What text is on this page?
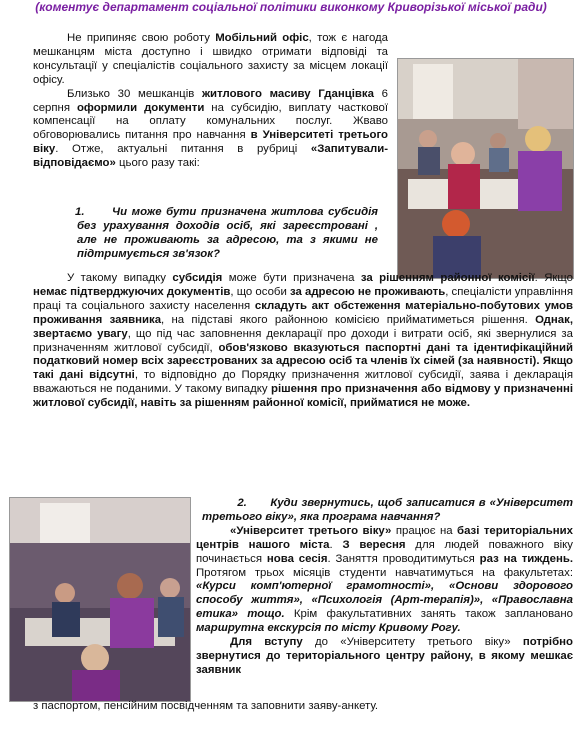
(коментує департамент соціальної політики виконкому Криворізької міської ради)

Не припиняє свою роботу Мобільний офіс, тож є нагода мешканцям міста доступно і швидко отримати відповіді та консультації у спеціалістів соціального захисту за місцем локації офісу.

Близько 30 мешканців житлового масиву Гданцівка 6 серпня оформили документи на субсидію, виплату часткової компенсації на оплату комунальних послуг. Жваво обговорювались питання про навчання в Університеті третього віку. Отже, актуальні питання в рубриці «Запитували-відповідаємо» цього разу такі:

1. Чи може бути призначена житлова субсидія без урахування доходів осіб, які зареєстровані , але не проживають за адресою, та з якими не підтримується зв'язок?

У такому випадку субсидія може бути призначена за рішенням районної комісії. Якщо немає підтверджуючих документів, що особи за адресою не проживають, спеціалісти управління праці та соціального захисту населення складуть акт обстеження матеріально-побутових умов проживання заявника, на підставі якого районною комісією прийматиметься рішення. Однак, звертаємо увагу, що під час заповнення декларації про доходи і витрати осіб, які звернулися за призначенням житлової субсидії, обов'язково вказуються паспортні дані та ідентифікаційний податковий номер всіх зареєстрованих за адресою осіб та членів їх сімей (за наявності). Якщо такі дані відсутні, то відповідно до Порядку призначення житлової субсидії, заява і декларація вважаються не поданими. У такому випадку рішення про призначення або відмову у призначенні житлової субсидії, навіть за рішенням районної комісії, прийматися не може.

2. Куди звернутись, щоб записатися в «Університет третього віку», яка програма навчання?

«Університет третього віку» працює на базі територіальних центрів нашого міста. З вересня для людей поважного віку починається нова сесія. Заняття проводитимуться раз на тиждень. Протягом трьох місяців студенти навчатимуться на факультетах: «Курси комп'ютерної грамотності», «Основи здорового способу життя», «Психологія (Арт-терапія)», «Православна етика» тощо. Крім факультативних занять також заплановано маршрутна екскурсія по місту Кривому Рогу.

Для вступу до «Університету третього віку» потрібно звернутися до територіального центру району, в якому мешкає заявник

з паспортом, пенсійним посвідченням та заповнити заяву-анкету.
